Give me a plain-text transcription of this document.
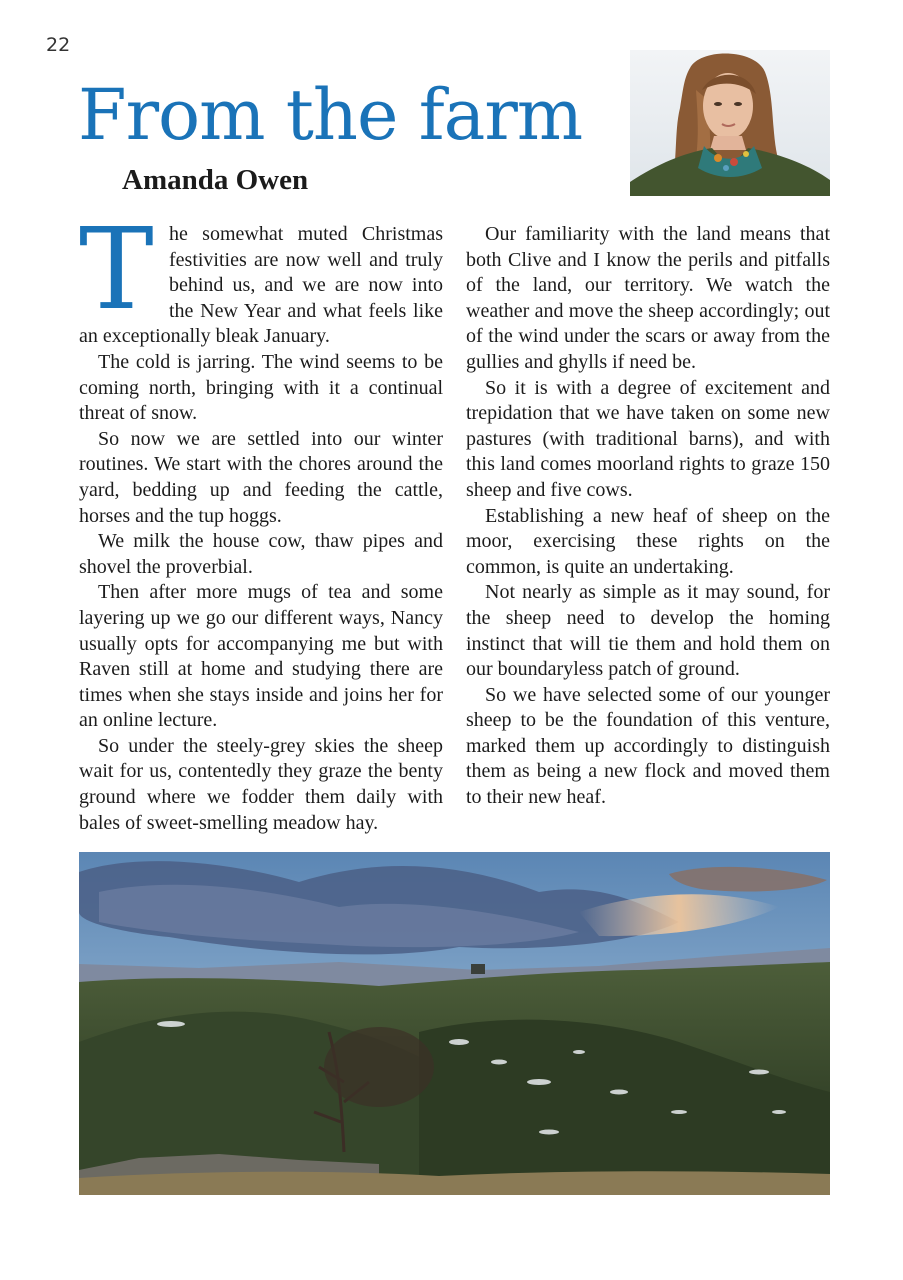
22
From the farm
Amanda Owen

The somewhat muted Christmas festivities are now well and truly behind us, and we are now into the New Year and what feels like an exceptionally bleak January.

The cold is jarring. The wind seems to be coming north, bringing with it a continual threat of snow.

So now we are settled into our winter routines. We start with the chores around the yard, bedding up and feeding the cattle, horses and the tup hoggs.

We milk the house cow, thaw pipes and shovel the proverbial.

Then after more mugs of tea and some layering up we go our different ways, Nancy usually opts for accompanying me but with Raven still at home and studying there are times when she stays inside and joins her for an online lecture.

So under the steely-grey skies the sheep wait for us, contentedly they graze the benty ground where we fodder them daily with bales of sweet-smelling meadow hay.

Our familiarity with the land means that both Clive and I know the perils and pitfalls of the land, our territory. We watch the weather and move the sheep accordingly; out of the wind under the scars or away from the gullies and ghylls if need be.

So it is with a degree of excitement and trepidation that we have taken on some new pastures (with traditional barns), and with this land comes moorland rights to graze 150 sheep and five cows.

Establishing a new heaf of sheep on the moor, exercising these rights on the common, is quite an undertaking.

Not nearly as simple as it may sound, for the sheep need to develop the homing instinct that will tie them and hold them on our boundaryless patch of ground.

So we have selected some of our younger sheep to be the foundation of this venture, marked them up accordingly to distinguish them as being a new flock and moved them to their new heaf.
